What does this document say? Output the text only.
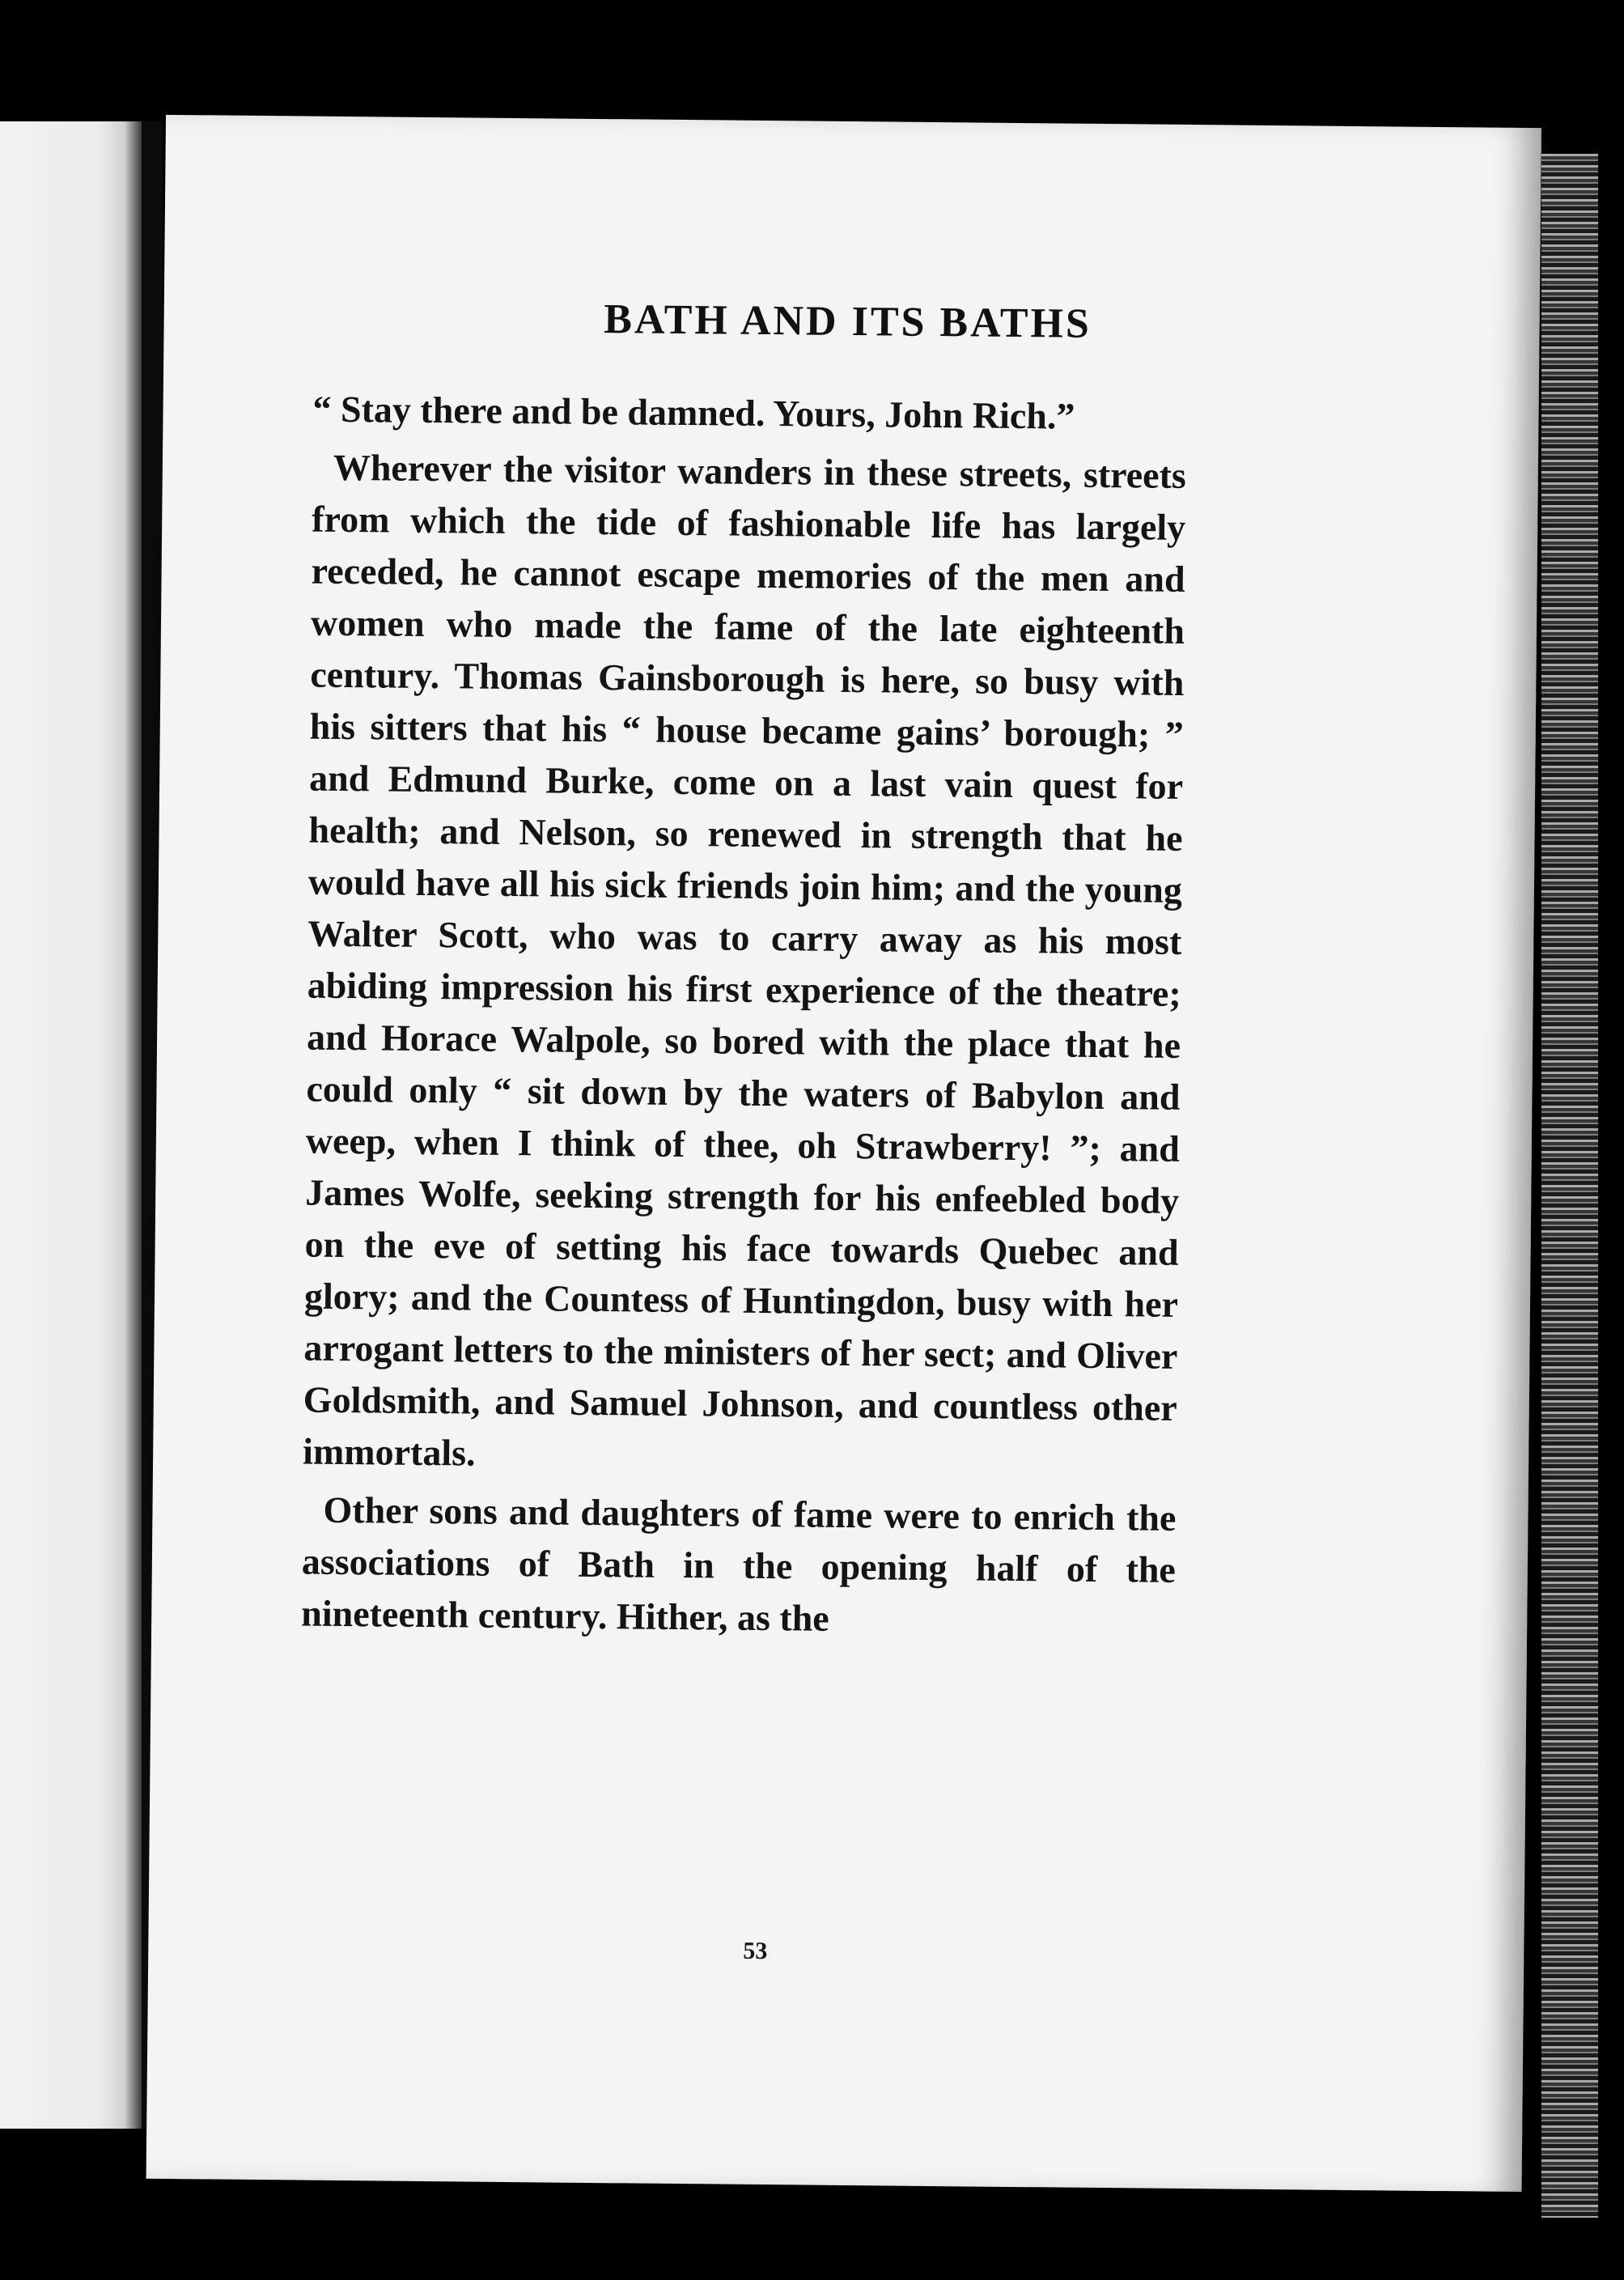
BATH AND ITS BATHS

“ Stay there and be damned. Yours, John Rich.”

Wherever the visitor wanders in these streets, streets from which the tide of fashionable life has largely receded, he cannot escape memories of the men and women who made the fame of the late eighteenth century. Thomas Gainsborough is here, so busy with his sitters that his “ house became gains’ borough; ” and Edmund Burke, come on a last vain quest for health; and Nelson, so renewed in strength that he would have all his sick friends join him; and the young Walter Scott, who was to carry away as his most abiding impression his first experience of the theatre; and Horace Walpole, so bored with the place that he could only “ sit down by the waters of Babylon and weep, when I think of thee, oh Strawberry! ”; and James Wolfe, seeking strength for his enfeebled body on the eve of setting his face towards Quebec and glory; and the Countess of Huntingdon, busy with her arrogant letters to the ministers of her sect; and Oliver Goldsmith, and Samuel Johnson, and countless other immortals.

Other sons and daughters of fame were to enrich the associations of Bath in the opening half of the nineteenth century. Hither, as the

53
